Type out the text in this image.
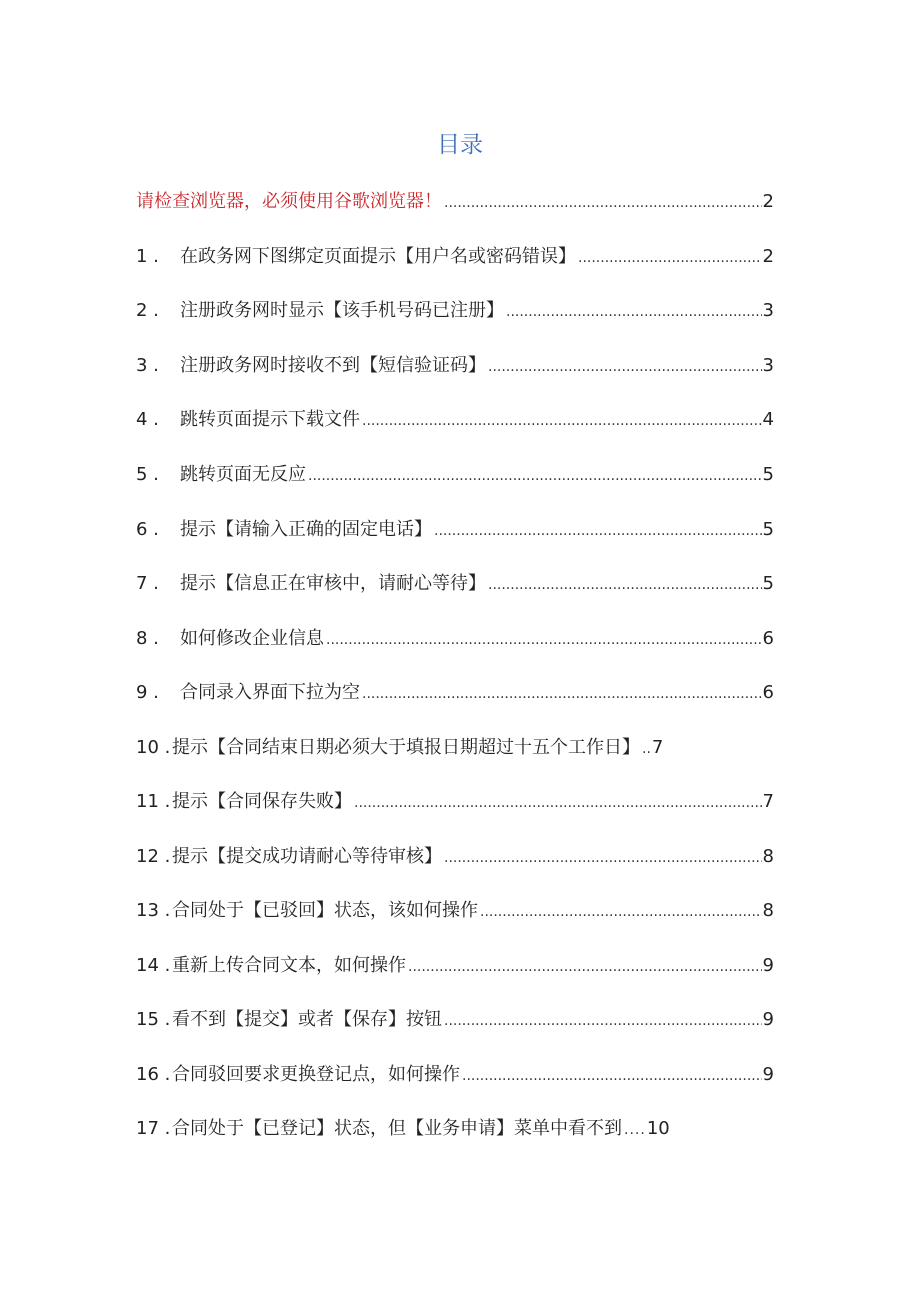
目录
请检查浏览器，必须使用谷歌浏览器！ .....	2
1 .	在政务网下图绑定页面提示【用户名或密码错误】 .....	2
2 .	注册政务网时显示【该手机号码已注册】 .....	3
3 .	注册政务网时接收不到【短信验证码】 .....	3
4 .	跳转页面提示下载文件 .....	4
5 .	跳转页面无反应 .....	5
6 .	提示【请输入正确的固定电话】 .....	5
7 .	提示【信息正在审核中，请耐心等待】 .....	5
8 .	如何修改企业信息 .....	6
9 .	合同录入界面下拉为空 .....	6
10 . 提示【合同结束日期必须大于填报日期超过十五个工作日】 .. 7
11 . 提示【合同保存失败】 .....	7
12 . 提示【提交成功请耐心等待审核】 .....	8
13 . 合同处于【已驳回】状态，该如何操作 .....	8
14 . 重新上传合同文本，如何操作 .....	9
15 . 看不到【提交】或者【保存】按钮 .....	9
16 . 合同驳回要求更换登记点，如何操作 .....	9
17 . 合同处于【已登记】状态，但【业务申请】菜单中看不到 .... 10
